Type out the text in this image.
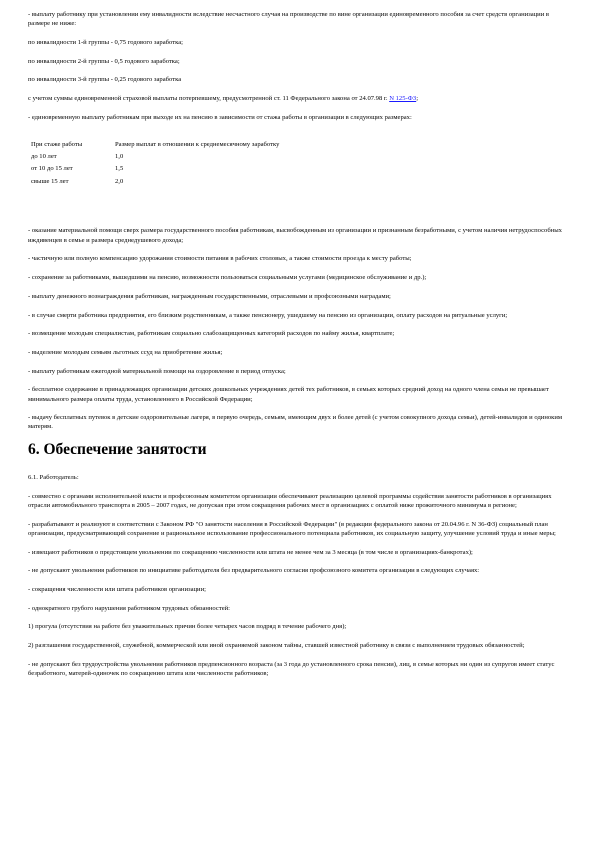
- выплату работнику при установлении ему инвалидности вследствие несчастного случая на производстве по вине организации единовременного пособия за счет средств организации в размере не ниже:

по инвалидности 1-й группы - 0,75 годового заработка;

по инвалидности 2-й группы - 0,5 годового заработка;

по инвалидности 3-й группы - 0,25 годового заработка

с учетом суммы единовременной страховой выплаты потерпевшему, предусмотренной ст. 11 Федерального закона от 24.07.98 г. N 125-ФЗ;

- единовременную выплату работникам при выходе их на пенсию в зависимости от стажа работы в организации в следующих размерах:

При стаже работы	Размер выплат в отношении к среднемесячному заработку
до 10 лет	1,0
от 10 до 15 лет	1,5
свыше 15 лет	2,0

- оказание материальной помощи сверх размера государственного пособия работникам, высвобожденным из организации и признанным безработными, с учетом наличия нетрудоспособных иждивенцев в семье и размера среднедушевого дохода;

- частичную или полную компенсацию удорожания стоимости питания в рабочих столовых, а также стоимости проезда к месту работы;

- сохранение за работниками, вышедшими на пенсию, возможности пользоваться социальными услугами (медицинское обслуживание и др.);

- выплату денежного вознаграждения работникам, награжденным государственными, отраслевыми и профсоюзными наградами;

- в случае смерти работника предприятия, его близким родственникам, а также пенсионеру, ушедшему на пенсию из организации, оплату расходов на ритуальные услуги;

- возмещение молодым специалистам, работникам социально слабозащищенных категорий расходов по найму жилья, квартплате;

- выделение молодым семьям льготных ссуд на приобретение жилья;

- выплату работникам ежегодной материальной помощи на оздоровление в период отпуска;

- бесплатное содержание в принадлежащих организации детских дошкольных учреждениях детей тех работников, в семьях которых средний доход на одного члена семьи не превышает минимального размера оплаты труда, установленного в Российской Федерации;

- выдачу бесплатных путевок в детские оздоровительные лагеря, в первую очередь, семьям, имеющим двух и более детей (с учетом совокупного дохода семьи), детей-инвалидов и одиноким матерям.

6. Обеспечение занятости

6.1. Работодатель:

- совместно с органами исполнительной власти и профсоюзным комитетом организации обеспечивают реализацию целевой программы содействия занятости работников в организациях отрасли автомобильного транспорта в 2005 – 2007 годах, не допуская при этом сокращения рабочих мест в организациях с оплатой ниже прожиточного минимума в регионе;

- разрабатывают и реализуют в соответствии с Законом РФ "О занятости населения в Российской Федерации" (в редакции федерального закона от 20.04.96 г. N 36-ФЗ) социальный план организации, предусматривающий сохранение и рациональное использование профессионального потенциала работников, их социальную защиту, улучшение условий труда и иные меры;

- извещают работников о предстоящем увольнении по сокращению численности или штата не менее чем за 3 месяца (в том числе в организациях-банкротах);

- не допускают увольнения работников по инициативе работодателя без предварительного согласия профсоюзного комитета организации в следующих случаях:

- сокращения численности или штата работников организации;

- однократного грубого нарушения работником трудовых обязанностей:

1) прогула (отсутствия на работе без уважительных причин более четырех часов подряд в течение рабочего дня);

2) разглашения государственной, служебной, коммерческой или иной охраняемой законом тайны, ставшей известной работнику в связи с выполнением трудовых обязанностей;

- не допускают без трудоустройства увольнения работников предпенсионного возраста (за 3 года до установленного срока пенсии), лиц, в семье которых ни один из супругов имеет статус безработного, матерей-одиночек по сокращению штата или численности работников;
